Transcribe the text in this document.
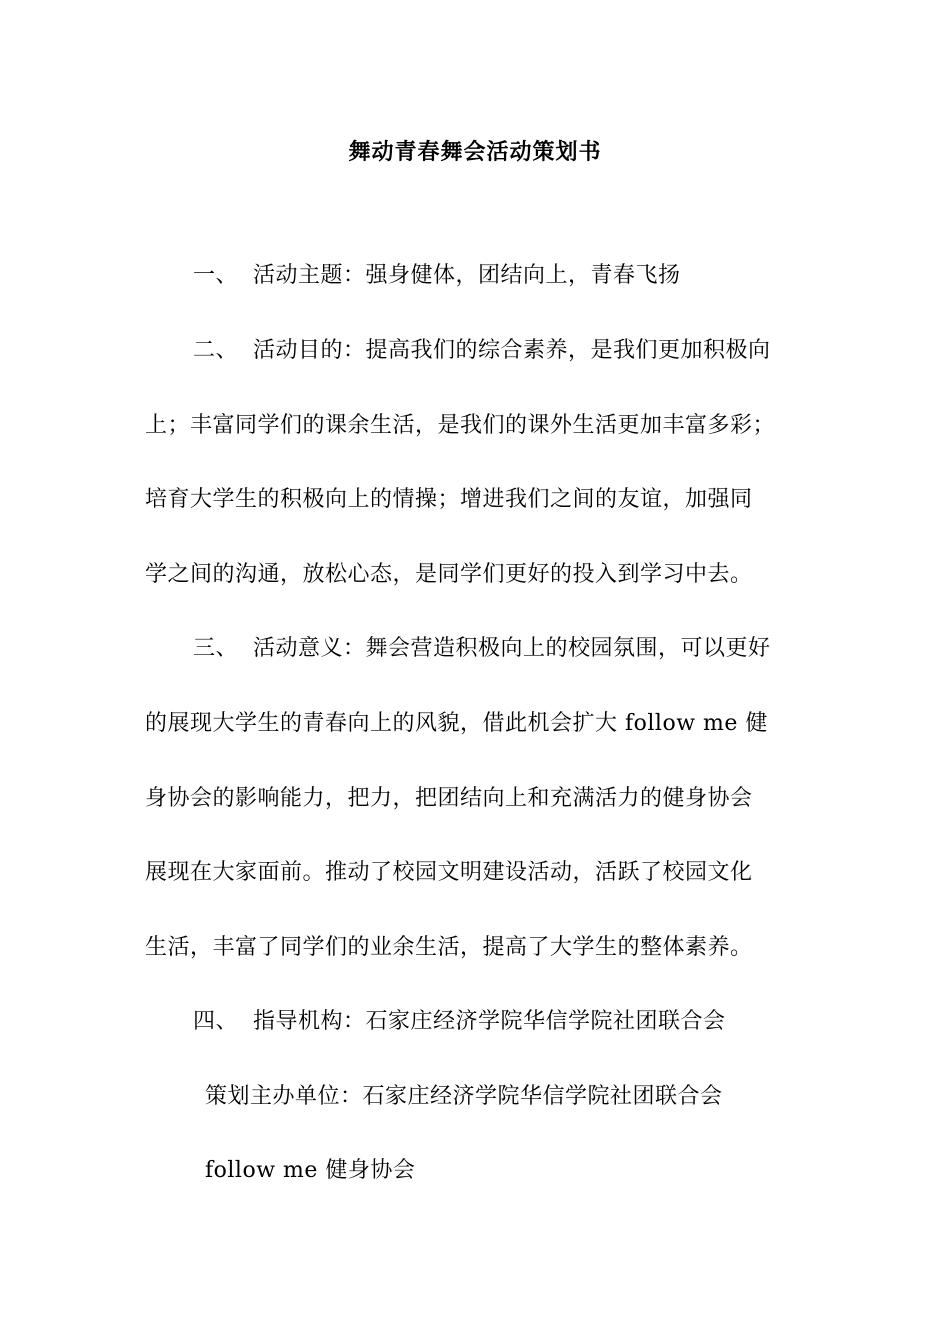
舞动青春舞会活动策划书
一、 活动主题：强身健体，团结向上，青春飞扬
二、 活动目的：提高我们的综合素养，是我们更加积极向
上；丰富同学们的课余生活，是我们的课外生活更加丰富多彩；
培育大学生的积极向上的情操；增进我们之间的友谊，加强同
学之间的沟通，放松心态，是同学们更好的投入到学习中去。
三、 活动意义：舞会营造积极向上的校园氛围，可以更好
的展现大学生的青春向上的风貌，借此机会扩大 follow me 健
身协会的影响能力，把力，把团结向上和充满活力的健身协会
展现在大家面前。推动了校园文明建设活动，活跃了校园文化
生活，丰富了同学们的业余生活，提高了大学生的整体素养。
四、 指导机构：石家庄经济学院华信学院社团联合会
策划主办单位：石家庄经济学院华信学院社团联合会
follow me 健身协会
